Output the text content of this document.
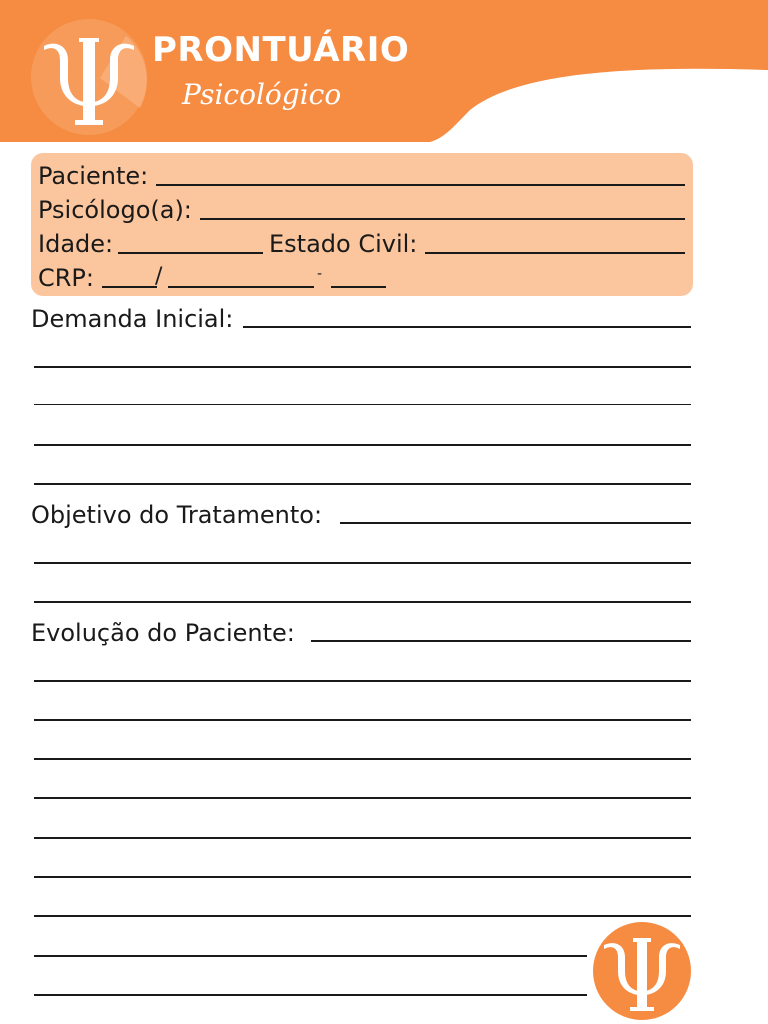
PRONTUÁRIO
Psicológico
Paciente:
Psicólogo(a):
Idade:	Estado Civil:
CRP:	/	-
Demanda Inicial:
Objetivo do Tratamento:
Evolução do Paciente:
